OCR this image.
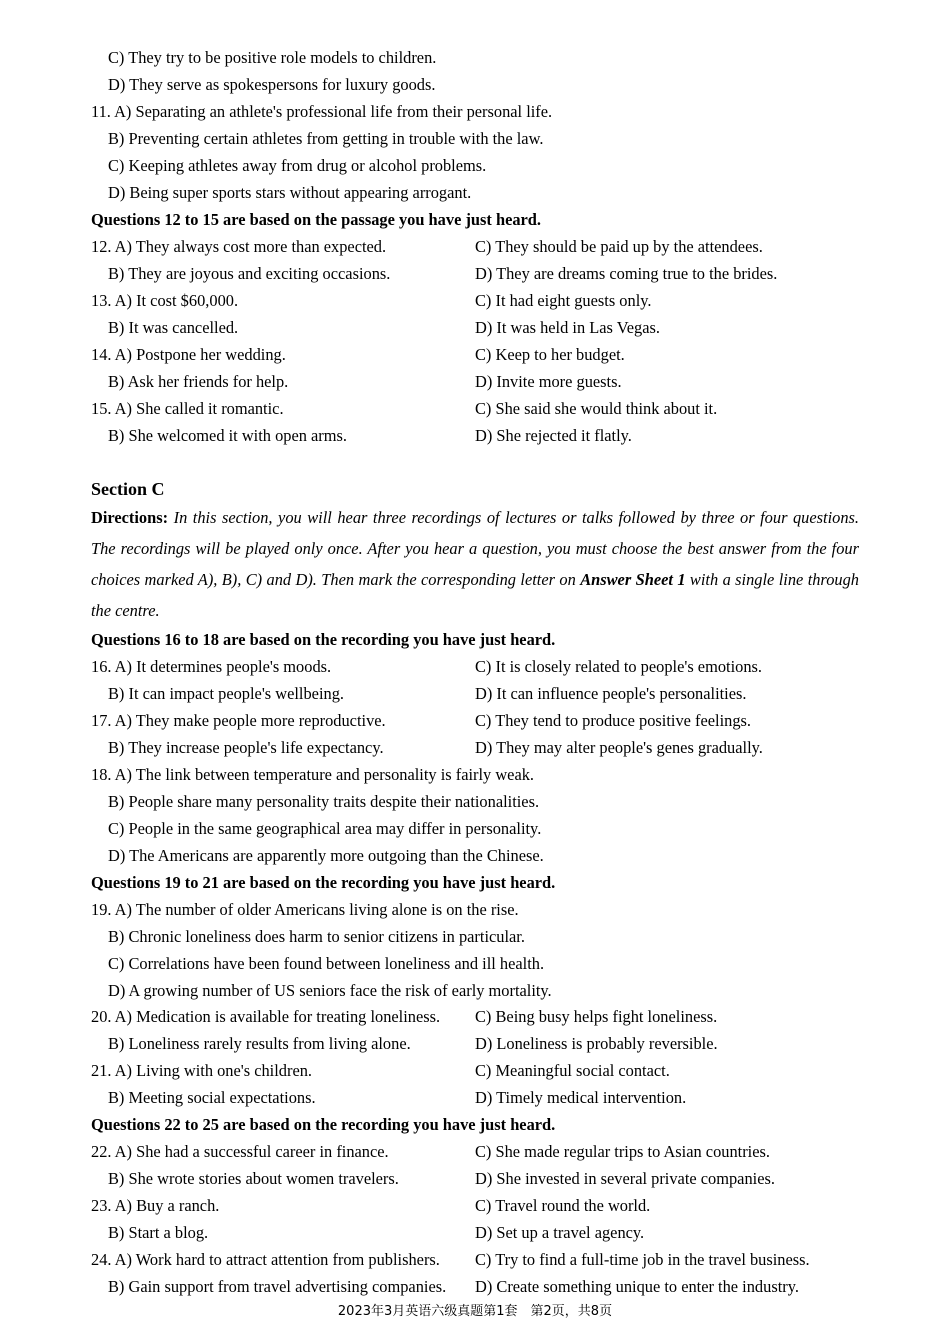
Directions: In this section, you will hear three recordings of lectures or talks followed by three or four questions. The recordings will be played only once. After you hear a question, you must choose the best answer from the four choices marked A), B), C) and D). Then mark the corresponding letter on Answer Sheet 1 with a single line through the centre.
2023年3月英语六级真题第1套　第2页，共8页
C) They try to be positive role models to children.
D) They serve as spokespersons for luxury goods.
11. A) Separating an athlete's professional life from their personal life.
B) Preventing certain athletes from getting in trouble with the law.
C) Keeping athletes away from drug or alcohol problems.
D) Being super sports stars without appearing arrogant.
Questions 12 to 15 are based on the passage you have just heard.
12. A) They always cost more than expected.	C) They should be paid up by the attendees.
B) They are joyous and exciting occasions.	D) They are dreams coming true to the brides.
13. A) It cost $60,000.	C) It had eight guests only.
B) It was cancelled.	D) It was held in Las Vegas.
14. A) Postpone her wedding.	C) Keep to her budget.
B) Ask her friends for help.	D) Invite more guests.
15. A) She called it romantic.	C) She said she would think about it.
B) She welcomed it with open arms.	D) She rejected it flatly.
Section C
Questions 16 to 18 are based on the recording you have just heard.
16. A) It determines people's moods.	C) It is closely related to people's emotions.
B) It can impact people's wellbeing.	D) It can influence people's personalities.
17. A) They make people more reproductive.	C) They tend to produce positive feelings.
B) They increase people's life expectancy.	D) They may alter people's genes gradually.
18. A) The link between temperature and personality is fairly weak.
B) People share many personality traits despite their nationalities.
C) People in the same geographical area may differ in personality.
D) The Americans are apparently more outgoing than the Chinese.
Questions 19 to 21 are based on the recording you have just heard.
19. A) The number of older Americans living alone is on the rise.
B) Chronic loneliness does harm to senior citizens in particular.
C) Correlations have been found between loneliness and ill health.
D) A growing number of US seniors face the risk of early mortality.
20. A) Medication is available for treating loneliness. C) Being busy helps fight loneliness.
B) Loneliness rarely results from living alone.	D) Loneliness is probably reversible.
21. A) Living with one's children.	C) Meaningful social contact.
B) Meeting social expectations.	D) Timely medical intervention.
Questions 22 to 25 are based on the recording you have just heard.
22. A) She had a successful career in finance.	C) She made regular trips to Asian countries.
B) She wrote stories about women travelers.	D) She invested in several private companies.
23. A) Buy a ranch.	C) Travel round the world.
B) Start a blog.	D) Set up a travel agency.
24. A) Work hard to attract attention from publishers. C) Try to find a full-time job in the travel business.
B) Gain support from travel advertising companies. D) Create something unique to enter the industry.
